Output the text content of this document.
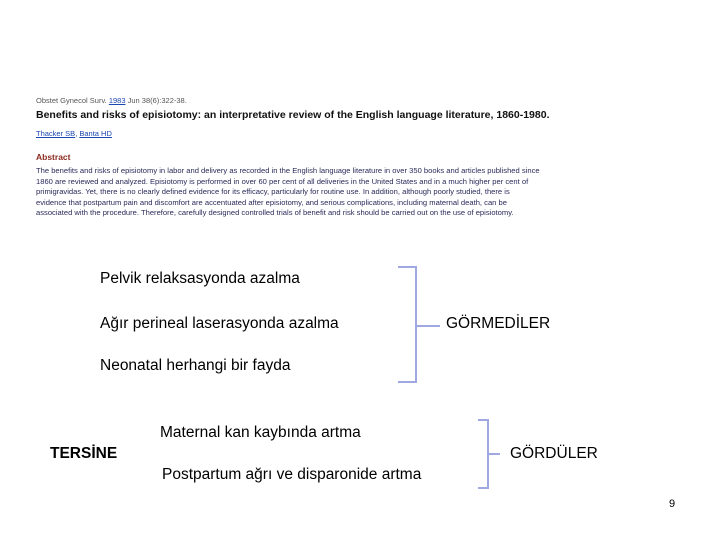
Obstet Gynecol Surv. 1983 Jun 38(6):322-38.
Benefits and risks of episiotomy: an interpretative review of the English language literature, 1860-1980.
Thacker SB, Banta HD
Abstract
The benefits and risks of episiotomy in labor and delivery as recorded in the English language literature in over 350 books and articles published since
1860 are reviewed and analyzed. Episiotomy is performed in over 60 per cent of all deliveries in the United States and in a much higher per cent of
primigravidas. Yet, there is no clearly defined evidence for its efficacy, particularly for routine use. In addition, although poorly studied, there is
evidence that postpartum pain and discomfort are accentuated after episiotomy, and serious complications, including maternal death, can be
associated with the procedure. Therefore, carefully designed controlled trials of benefit and risk should be carried out on the use of episiotomy.
Pelvik relaksasyonda azalma
Ağır perineal laserasyonda azalma
Neonatal herhangi bir fayda
GÖRMEDİLER
Maternal kan kaybında artma
Postpartum ağrı ve disparonide artma
TERSİNE	GÖRDÜLER
9
